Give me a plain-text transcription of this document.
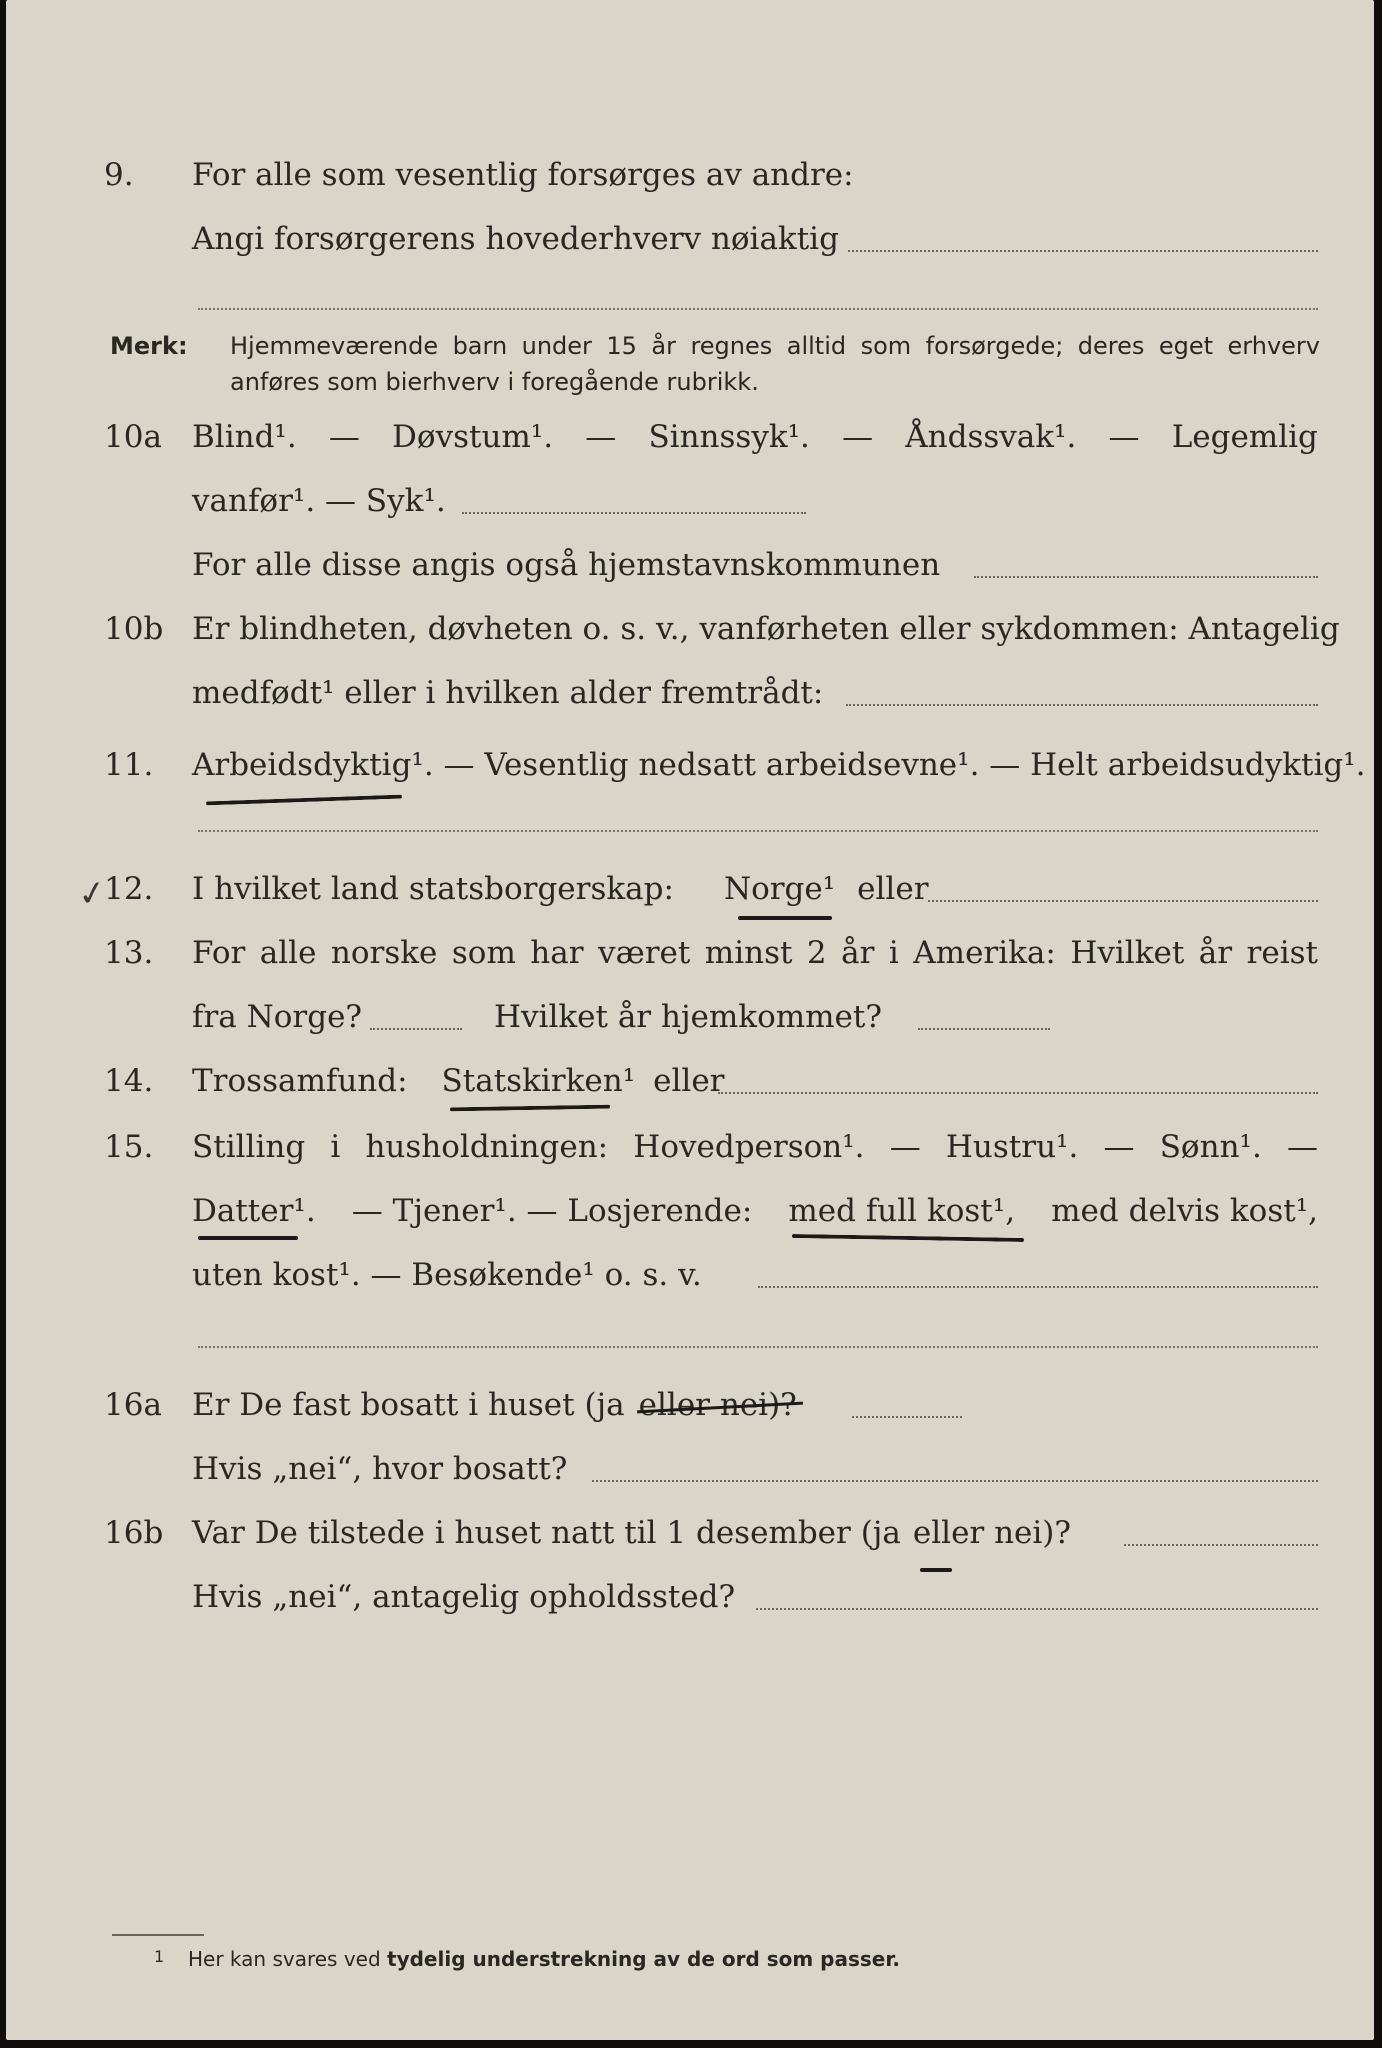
9.	For alle som vesentlig forsørges av andre:
Angi forsørgerens hovederhverv nøiaktig
Merk: Hjemmeværende barn under 15 år regnes alltid som forsørgede; deres eget erhverv
anføres som bierhverv i foregående rubrikk.
10a Blind¹. — Døvstum¹. — Sinnssyk¹. — Åndssvak¹. — Legemlig
vanfør¹. — Syk¹.
For alle disse angis også hjemstavnskommunen
10b Er blindheten, døvheten o. s. v., vanførheten eller sykdommen: Antagelig
medfødt¹ eller i hvilken alder fremtrådt:
11.	Arbeidsdyktig¹. — Vesentlig nedsatt arbeidsevne¹. — Helt arbeidsudyktig¹.
✓
12.	I hvilket land statsborgerskap: Norge¹ eller
13.	For alle norske som har været minst 2 år i Amerika: Hvilket år reist
fra Norge?	Hvilket år hjemkommet?
14.	Trossamfund: Statskirken¹ eller
15.	Stilling i husholdningen: Hovedperson¹. — Hustru¹. — Sønn¹. —
Datter¹. — Tjener¹. — Losjerende: med full kost¹, med delvis kost¹,
uten kost¹. — Besøkende¹ o. s. v.
16a Er De fast bosatt i huset (ja eller nei)?
Hvis „nei“, hvor bosatt?
16b Var De tilstede i huset natt til 1 desember ( ja eller nei)?
Hvis „nei“, antagelig opholdssted?
1 Her kan svares ved tydelig understrekning av de ord som passer.
